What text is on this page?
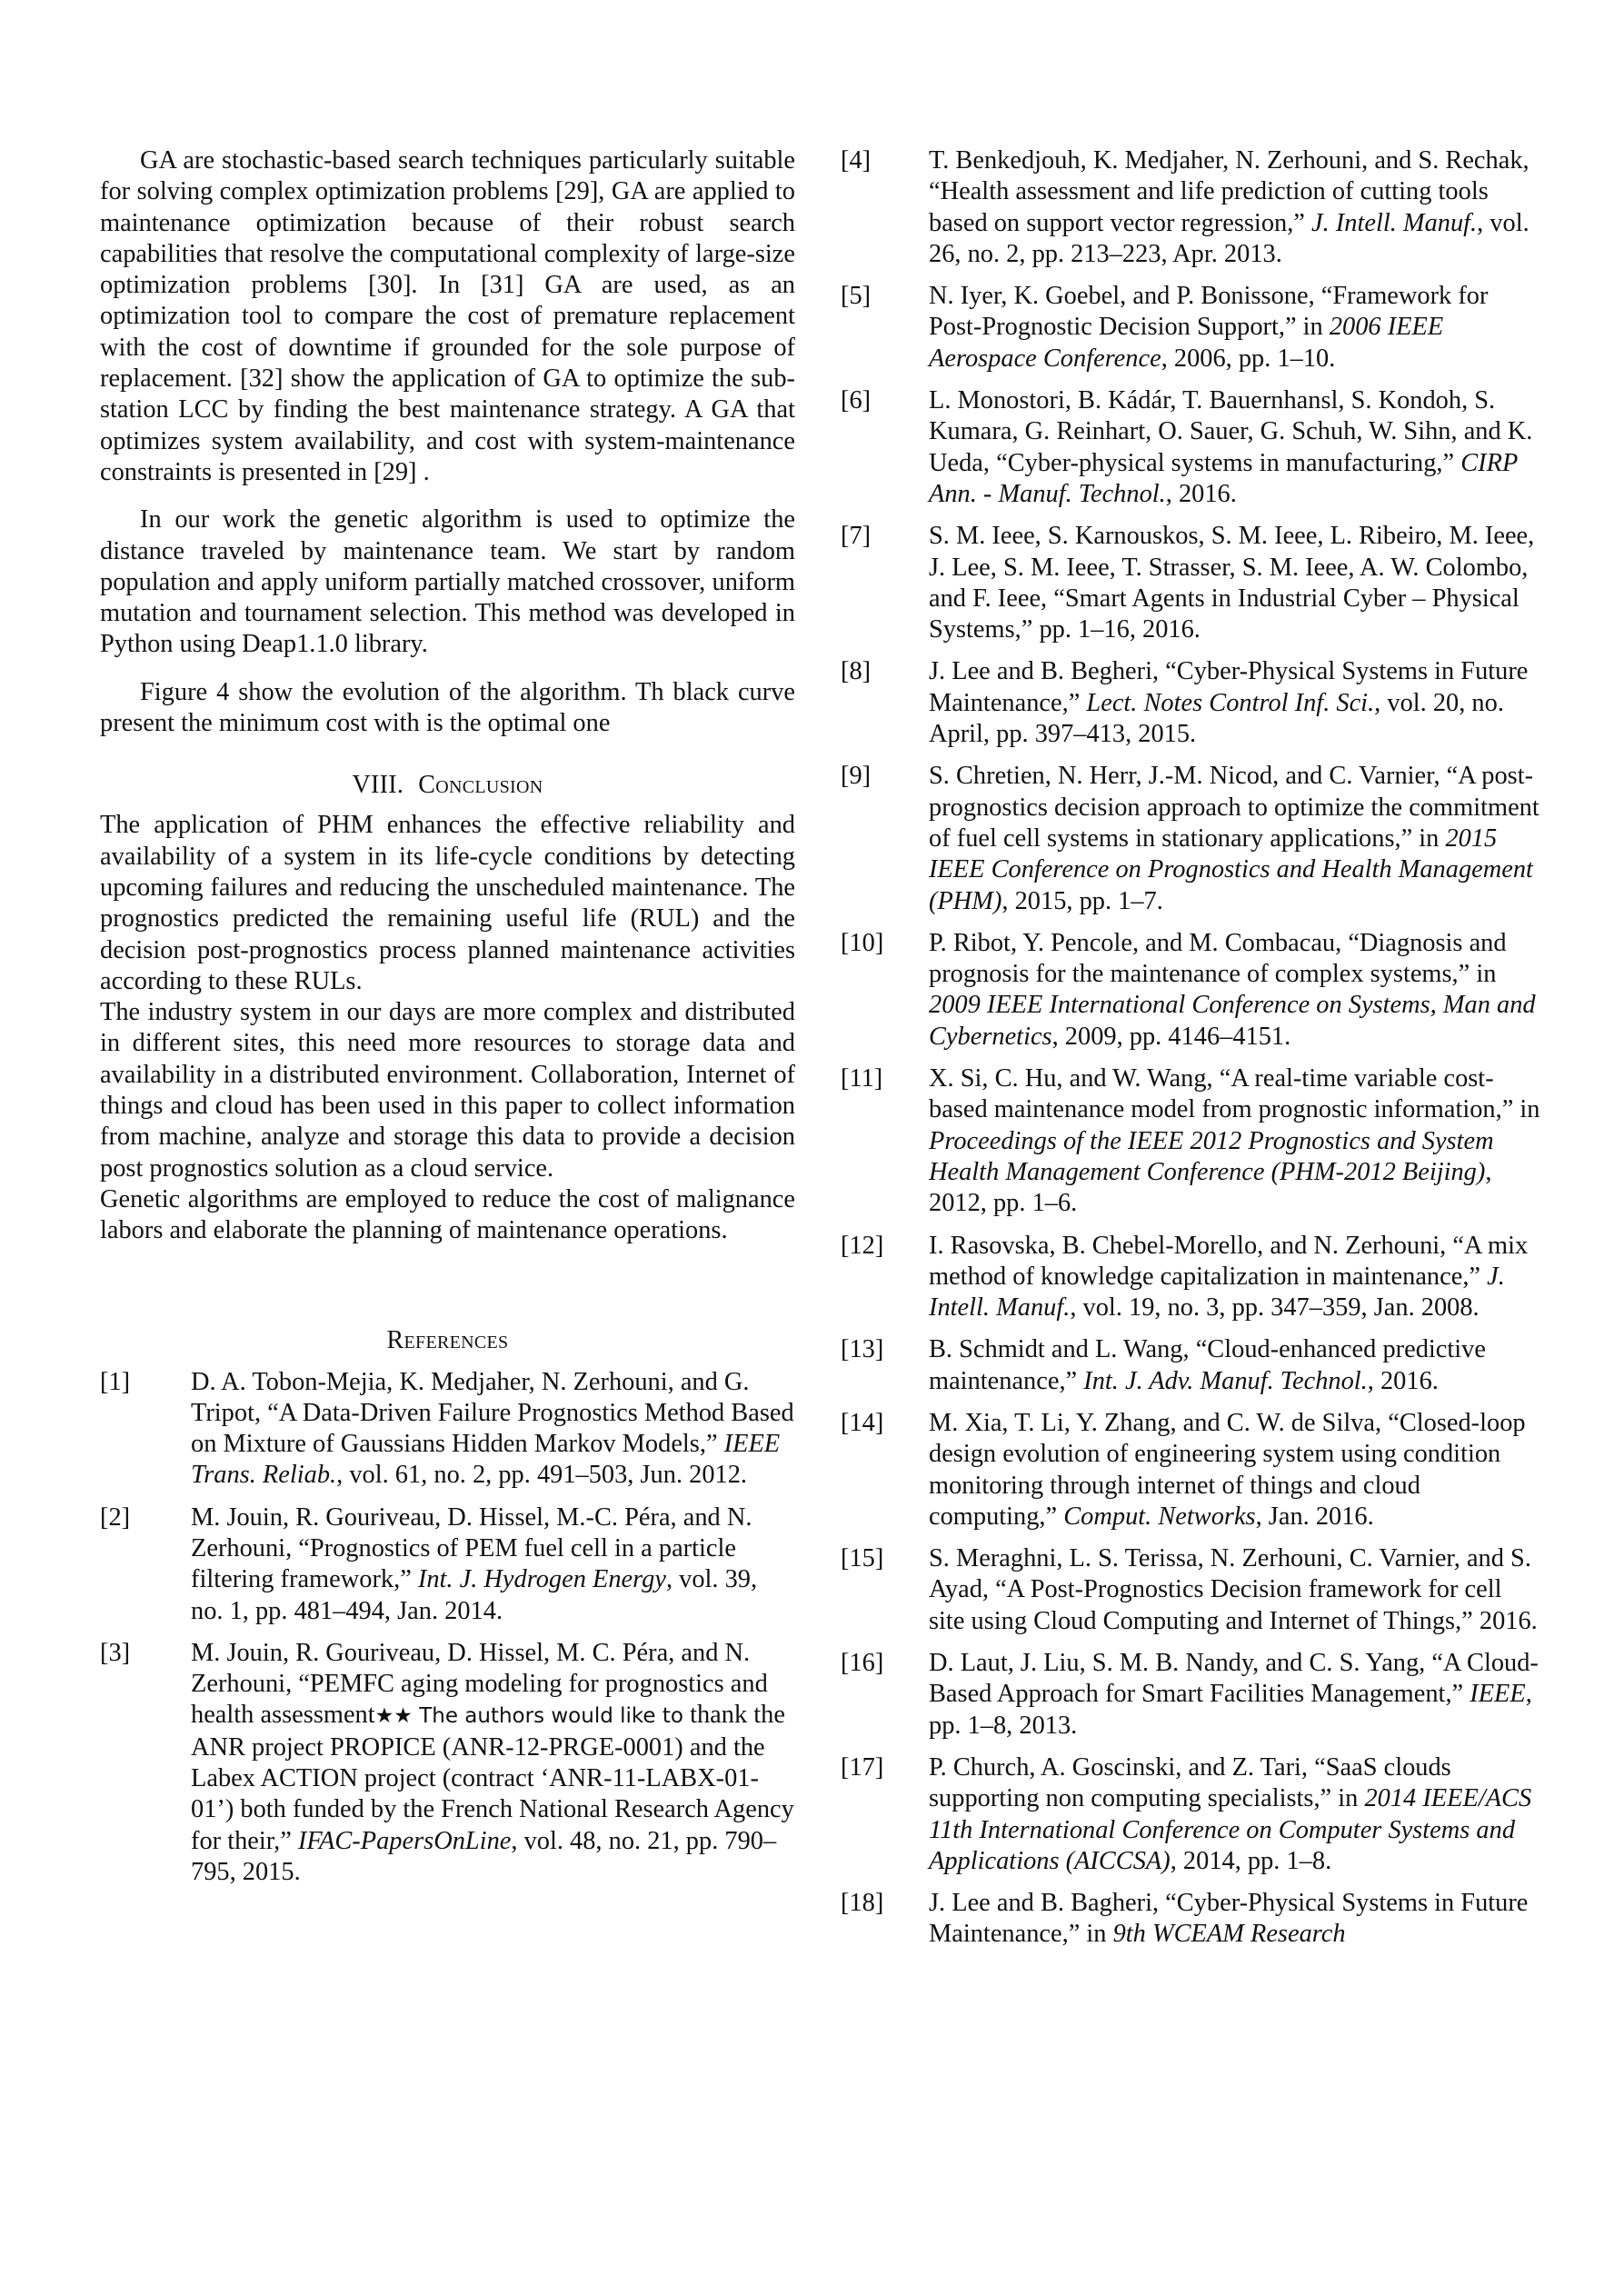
GA are stochastic-based search techniques particularly suitable for solving complex optimization problems [29], GA are applied to maintenance optimization because of their robust search capabilities that resolve the computational complexity of large-size optimization problems [30]. In [31] GA are used, as an optimization tool to compare the cost of premature replacement with the cost of downtime if grounded for the sole purpose of replacement. [32] show the application of GA to optimize the sub-station LCC by finding the best maintenance strategy. A GA that optimizes system availability, and cost with system-maintenance constraints is presented in [29] .

In our work the genetic algorithm is used to optimize the distance traveled by maintenance team. We start by random population and apply uniform partially matched crossover, uniform mutation and tournament selection. This method was developed in Python using Deap1.1.0 library.

Figure 4 show the evolution of the algorithm. Th black curve present the minimum cost with is the optimal one

VIII. Conclusion

The application of PHM enhances the effective reliability and availability of a system in its life-cycle conditions by detecting upcoming failures and reducing the unscheduled maintenance. The prognostics predicted the remaining useful life (RUL) and the decision post-prognostics process planned maintenance activities according to these RULs.

The industry system in our days are more complex and distributed in different sites, this need more resources to storage data and availability in a distributed environment. Collaboration, Internet of things and cloud has been used in this paper to collect information from machine, analyze and storage this data to provide a decision post prognostics solution as a cloud service.

Genetic algorithms are employed to reduce the cost of malignance labors and elaborate the planning of maintenance operations.

References
[1]	D. A. Tobon-Mejia, K. Medjaher, N. Zerhouni, and G. Tripot, “A Data-Driven Failure Prognostics Method Based on Mixture of Gaussians Hidden Markov Models,” IEEE Trans. Reliab., vol. 61, no. 2, pp. 491–503, Jun. 2012.
[2]	M. Jouin, R. Gouriveau, D. Hissel, M.-C. Péra, and N. Zerhouni, “Prognostics of PEM fuel cell in a particle filtering framework,” Int. J. Hydrogen Energy, vol. 39, no. 1, pp. 481–494, Jan. 2014.
[3]	M. Jouin, R. Gouriveau, D. Hissel, M. C. Péra, and N. Zerhouni, “PEMFC aging modeling for prognostics and health assessment★★ The authors would like to thank the ANR project PROPICE (ANR-12-PRGE-0001) and the Labex ACTION project (contract ‘ANR-11-LABX-01-01’) both funded by the French National Research Agency for their,” IFAC-PapersOnLine, vol. 48, no. 21, pp. 790–795, 2015.
[4]	T. Benkedjouh, K. Medjaher, N. Zerhouni, and S. Rechak, “Health assessment and life prediction of cutting tools based on support vector regression,” J. Intell. Manuf., vol. 26, no. 2, pp. 213–223, Apr. 2013.
[5]	N. Iyer, K. Goebel, and P. Bonissone, “Framework for Post-Prognostic Decision Support,” in 2006 IEEE Aerospace Conference, 2006, pp. 1–10.
[6]	L. Monostori, B. Kádár, T. Bauernhansl, S. Kondoh, S. Kumara, G. Reinhart, O. Sauer, G. Schuh, W. Sihn, and K. Ueda, “Cyber-physical systems in manufacturing,” CIRP Ann. - Manuf. Technol., 2016.
[7]	S. M. Ieee, S. Karnouskos, S. M. Ieee, L. Ribeiro, M. Ieee, J. Lee, S. M. Ieee, T. Strasser, S. M. Ieee, A. W. Colombo, and F. Ieee, “Smart Agents in Industrial Cyber – Physical Systems,” pp. 1–16, 2016.
[8]	J. Lee and B. Begheri, “Cyber-Physical Systems in Future Maintenance,” Lect. Notes Control Inf. Sci., vol. 20, no. April, pp. 397–413, 2015.
[9]	S. Chretien, N. Herr, J.-M. Nicod, and C. Varnier, “A post-prognostics decision approach to optimize the commitment of fuel cell systems in stationary applications,” in 2015 IEEE Conference on Prognostics and Health Management (PHM), 2015, pp. 1–7.
[10]	P. Ribot, Y. Pencole, and M. Combacau, “Diagnosis and prognosis for the maintenance of complex systems,” in 2009 IEEE International Conference on Systems, Man and Cybernetics, 2009, pp. 4146–4151.
[11]	X. Si, C. Hu, and W. Wang, “A real-time variable cost-based maintenance model from prognostic information,” in Proceedings of the IEEE 2012 Prognostics and System Health Management Conference (PHM-2012 Beijing), 2012, pp. 1–6.
[12]	I. Rasovska, B. Chebel-Morello, and N. Zerhouni, “A mix method of knowledge capitalization in maintenance,” J. Intell. Manuf., vol. 19, no. 3, pp. 347–359, Jan. 2008.
[13]	B. Schmidt and L. Wang, “Cloud-enhanced predictive maintenance,” Int. J. Adv. Manuf. Technol., 2016.
[14]	M. Xia, T. Li, Y. Zhang, and C. W. de Silva, “Closed-loop design evolution of engineering system using condition monitoring through internet of things and cloud computing,” Comput. Networks, Jan. 2016.
[15]	S. Meraghni, L. S. Terissa, N. Zerhouni, C. Varnier, and S. Ayad, “A Post-Prognostics Decision framework for cell site using Cloud Computing and Internet of Things,” 2016.
[16]	D. Laut, J. Liu, S. M. B. Nandy, and C. S. Yang, “A Cloud-Based Approach for Smart Facilities Management,” IEEE, pp. 1–8, 2013.
[17]	P. Church, A. Goscinski, and Z. Tari, “SaaS clouds supporting non computing specialists,” in 2014 IEEE/ACS 11th International Conference on Computer Systems and Applications (AICCSA), 2014, pp. 1–8.
[18]	J. Lee and B. Bagheri, “Cyber-Physical Systems in Future Maintenance,” in 9th WCEAM Research
